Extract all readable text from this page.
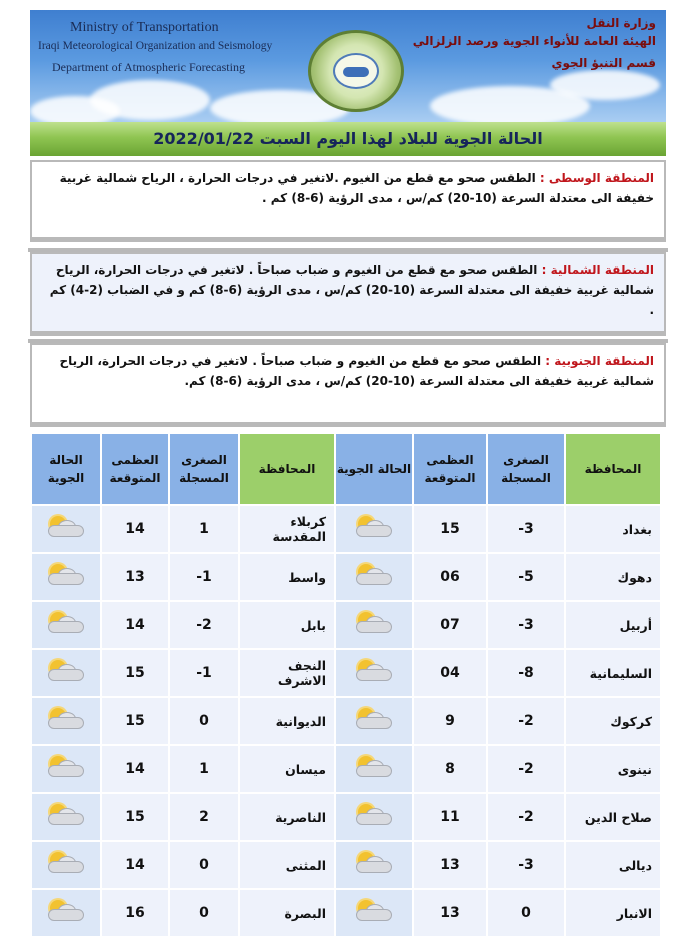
Ministry of Transportation
Iraqi Meteorological Organization and Seismology
Department of Atmospheric Forecasting
وزارة النقل
الهيئة العامة للأنواء الجوية ورصد الزلزالي
قسم التنبؤ الجوي
الحالة الجوية للبلاد لهذا اليوم السبت 2022/01/22
المنطقة الوسطى : الطقس صحو مع قطع من الغيوم .لاتغير في درجات الحرارة ، الرياح شمالية غربية خفيفة الى معتدلة السرعة (10-20) كم/س ، مدى الرؤية (6-8) كم .
المنطقة الشمالية : الطقس صحو مع قطع من الغيوم و ضباب صباحاً . لاتغير في درجات الحرارة، الرياح شمالية غربية خفيفة الى معتدلة السرعة (10-20) كم/س ، مدى الرؤية (6-8) كم و في الضباب (2-4) كم .
المنطقة الجنوبية : الطقس صحو مع قطع من الغيوم و ضباب صباحاً . لاتغير في درجات الحرارة، الرياح شمالية غربية خفيفة الى معتدلة السرعة (10-20) كم/س ، مدى الرؤية (6-8) كم.
الحالة الجوية	العظمى المتوقعة	الصغرى المسجلة	المحافظة	الحالة الجوية	العظمى المتوقعة	الصغرى المسجلة	المحافظة

	14	1	كربلاء المقدسة		15	-3	بغداد

	13	-1	واسط		06	-5	دهوك

	14	-2	بابل		07	-3	أربيل

	15	-1	النجف الاشرف		04	-8	السليمانية

	15	0	الديوانية		9	-2	كركوك

	14	1	ميسان		8	-2	نينوى

	15	2	الناصرية		11	-2	صلاح الدين

	14	0	المثنى		13	-3	ديالى

	16	0	البصرة		13	0	الانبار
